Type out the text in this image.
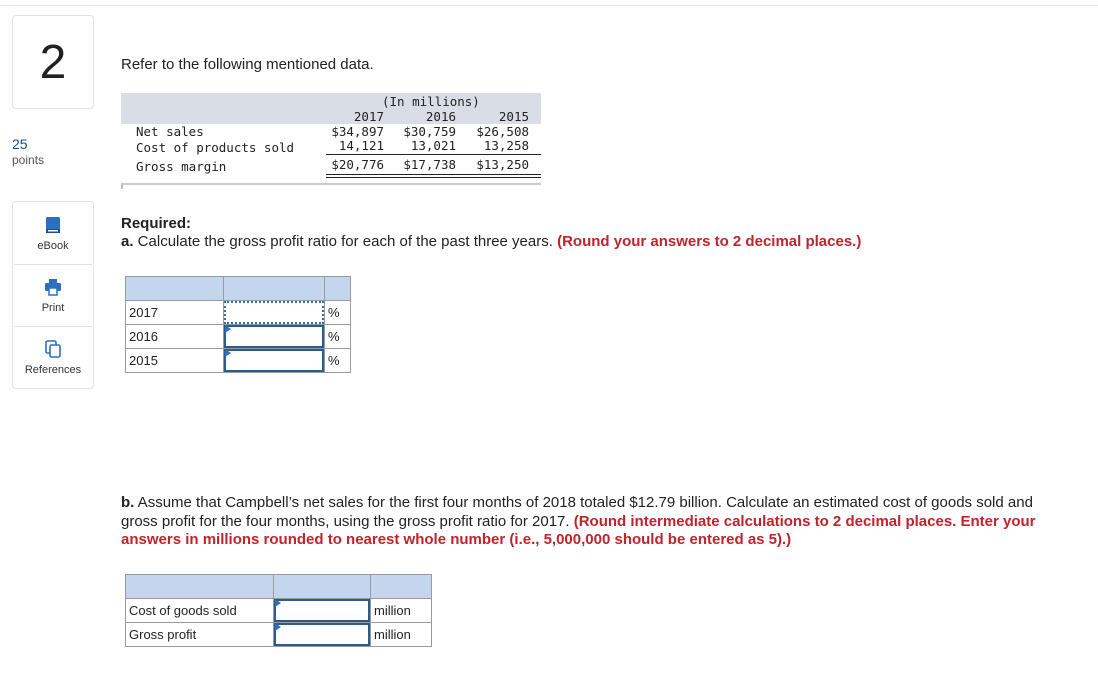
2
25
points
eBook
Print
References
Refer to the following mentioned data.
(In millions)
2017	2016	2015
Net sales	$34,897	$30,759	$26,508
Cost of products sold	14,121	13,021	13,258
Gross margin	$20,776	$17,738	$13,250
Required:
a. Calculate the gross profit ratio for each of the past three years. (Round your answers to 2 decimal places.)

2017		%
2016		%
2015		%
b. Assume that Campbell’s net sales for the first four months of 2018 totaled $12.79 billion. Calculate an estimated cost of goods sold and gross profit for the four months, using the gross profit ratio for 2017. (Round intermediate calculations to 2 decimal places. Enter your answers in millions rounded to nearest whole number (i.e., 5,000,000 should be entered as 5).)

Cost of goods sold		million
Gross profit		million
